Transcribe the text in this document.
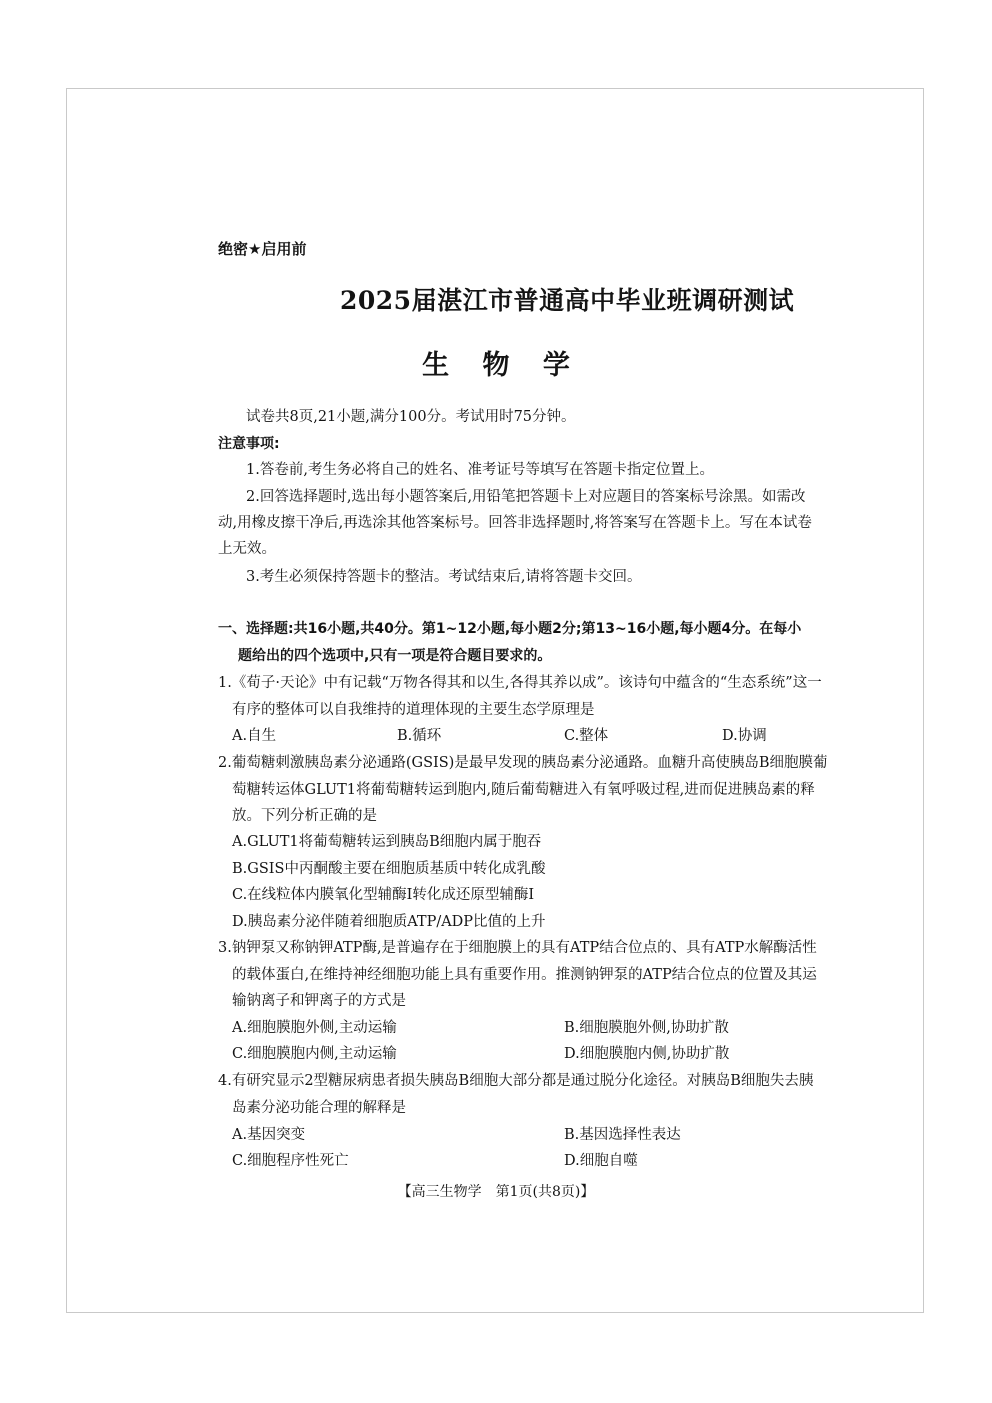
绝密★启用前
2025届湛江市普通高中毕业班调研测试
生 物 学
试卷共8页,21小题,满分100分。考试用时75分钟。
注意事项:
1.答卷前,考生务必将自己的姓名、准考证号等填写在答题卡指定位置上。
2.回答选择题时,选出每小题答案后,用铅笔把答题卡上对应题目的答案标号涂黑。如需改
动,用橡皮擦干净后,再选涂其他答案标号。回答非选择题时,将答案写在答题卡上。写在本试卷
上无效。
3.考生必须保持答题卡的整洁。考试结束后,请将答题卡交回。
一、选择题:共16小题,共40分。第1~12小题,每小题2分;第13~16小题,每小题4分。在每小
题给出的四个选项中,只有一项是符合题目要求的。
1.《荀子·天论》中有记载“万物各得其和以生,各得其养以成”。该诗句中蕴含的“生态系统”这一
有序的整体可以自我维持的道理体现的主要生态学原理是
A.自生	B.循环	C.整体	D.协调
2.葡萄糖刺激胰岛素分泌通路(GSIS)是最早发现的胰岛素分泌通路。血糖升高使胰岛B细胞膜葡
萄糖转运体GLUT1将葡萄糖转运到胞内,随后葡萄糖进入有氧呼吸过程,进而促进胰岛素的释
放。下列分析正确的是
A.GLUT1将葡萄糖转运到胰岛B细胞内属于胞吞
B.GSIS中丙酮酸主要在细胞质基质中转化成乳酸
C.在线粒体内膜氧化型辅酶Ⅰ转化成还原型辅酶Ⅰ
D.胰岛素分泌伴随着细胞质ATP/ADP比值的上升
3.钠钾泵又称钠钾ATP酶,是普遍存在于细胞膜上的具有ATP结合位点的、具有ATP水解酶活性
的载体蛋白,在维持神经细胞功能上具有重要作用。推测钠钾泵的ATP结合位点的位置及其运
输钠离子和钾离子的方式是
A.细胞膜胞外侧,主动运输	B.细胞膜胞外侧,协助扩散
C.细胞膜胞内侧,主动运输	D.细胞膜胞内侧,协助扩散
4.有研究显示2型糖尿病患者损失胰岛B细胞大部分都是通过脱分化途径。对胰岛B细胞失去胰
岛素分泌功能合理的解释是
A.基因突变	B.基因选择性表达
C.细胞程序性死亡	D.细胞自噬
【高三生物学　第1页(共8页)】
